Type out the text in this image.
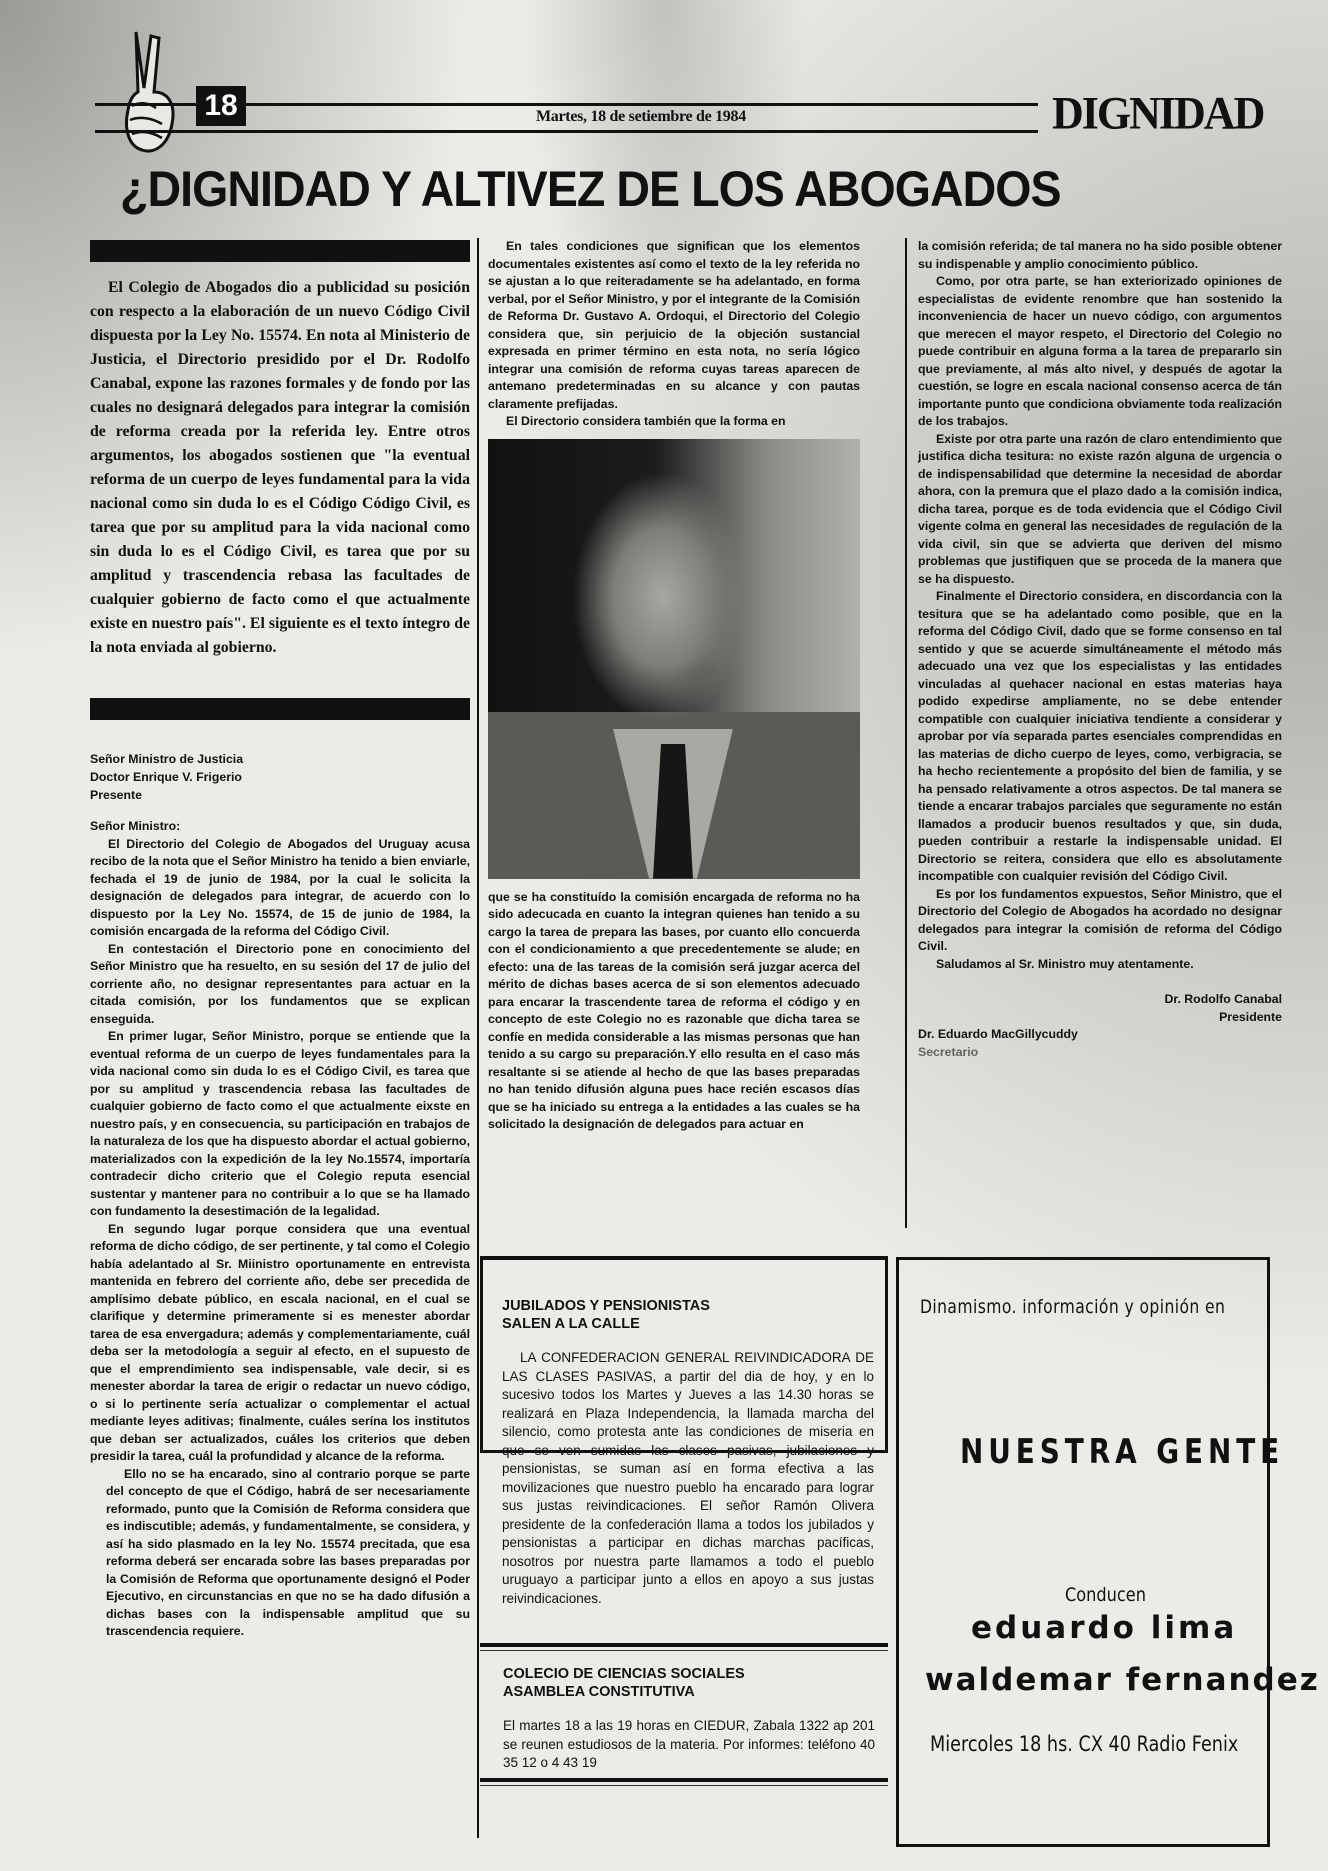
18	Martes, 18 de setiembre de 1984	DIGNIDAD
¿DIGNIDAD Y ALTIVEZ DE LOS ABOGADOS

El Colegio de Abogados dio a publicidad su posición con respecto a la elaboración de un nuevo Código Civil dispuesta por la Ley No. 15574. En nota al Ministerio de Justicia, el Directorio presidido por el Dr. Rodolfo Canabal, expone las razones formales y de fondo por las cuales no designará delegados para integrar la comisión de reforma creada por la referida ley. Entre otros argumentos, los abogados sostienen que "la eventual reforma de un cuerpo de leyes fundamental para la vida nacional como sin duda lo es el Código Código Civil, es tarea que por su amplitud para la vida nacional como sin duda lo es el Código Civil, es tarea que por su amplitud y trascendencia rebasa las facultades de cualquier gobierno de facto como el que actualmente existe en nuestro país". El siguiente es el texto íntegro de la nota enviada al gobierno.

Señor Ministro de Justicia
Doctor Enrique V. Frigerio
Presente

Señor Ministro:

El Directorio del Colegio de Abogados del Uruguay acusa recibo de la nota que el Señor Ministro ha tenido a bien enviarle, fechada el 19 de junio de 1984, por la cual le solicita la designación de delegados para integrar, de acuerdo con lo dispuesto por la Ley No. 15574, de 15 de junio de 1984, la comisión encargada de la reforma del Código Civil.

En contestación el Directorio pone en conocimiento del Señor Ministro que ha resuelto, en su sesión del 17 de julio del corriente año, no designar representantes para actuar en la citada comisión, por los fundamentos que se explican enseguida.

En primer lugar, Señor Ministro, porque se entiende que la eventual reforma de un cuerpo de leyes fundamentales para la vida nacional como sin duda lo es el Código Civil, es tarea que por su amplitud y trascendencia rebasa las facultades de cualquier gobierno de facto como el que actualmente eixste en nuestro país, y en consecuencia, su participación en trabajos de la naturaleza de los que ha dispuesto abordar el actual gobierno, materializados con la expedición de la ley No.15574, importaría contradecir dicho criterio que el Colegio reputa esencial sustentar y mantener para no contribuir a lo que se ha llamado con fundamento la desestimación de la legalidad.

En segundo lugar porque considera que una eventual reforma de dicho código, de ser pertinente, y tal como el Colegio había adelantado al Sr. Miinistro oportunamente en entrevista mantenida en febrero del corriente año, debe ser precedida de amplísimo debate público, en escala nacional, en el cual se clarifique y determine primeramente si es menester abordar tarea de esa envergadura; además y complementariamente, cuál deba ser la metodología a seguir al efecto, en el supuesto de que el emprendimiento sea indispensable, vale decir, si es menester abordar la tarea de erigir o redactar un nuevo código, o si lo pertinente sería actualizar o complementar el actual mediante leyes aditivas; finalmente, cuáles serína los institutos que deban ser actualizados, cuáles los criterios que deben presidir la tarea, cuál la profundidad y alcance de la reforma.

Ello no se ha encarado, sino al contrario porque se parte del concepto de que el Código, habrá de ser necesariamente reformado, punto que la Comisión de Reforma considera que es indiscutible; además, y fundamentalmente, se considera, y así ha sido plasmado en la ley No. 15574 precitada, que esa reforma deberá ser encarada sobre las bases preparadas por la Comisión de Reforma que oportunamente designó el Poder Ejecutivo, en circunstancias en que no se ha dado difusión a dichas bases con la indispensable amplitud que su trascendencia requiere.

En tales condiciones que significan que los elementos documentales existentes así como el texto de la ley referida no se ajustan a lo que reiteradamente se ha adelantado, en forma verbal, por el Señor Ministro, y por el integrante de la Comisión de Reforma Dr. Gustavo A. Ordoqui, el Directorio del Colegio considera que, sin perjuicio de la objeción sustancial expresada en primer término en esta nota, no sería lógico integrar una comisión de reforma cuyas tareas aparecen de antemano predeterminadas en su alcance y con pautas claramente prefijadas.

El Directorio considera también que la forma en

que se ha constituído la comisión encargada de reforma no ha sido adecucada en cuanto la integran quienes han tenido a su cargo la tarea de prepara las bases, por cuanto ello concuerda con el condicionamiento a que precedentemente se alude; en efecto: una de las tareas de la comisión será juzgar acerca del mérito de dichas bases acerca de si son elementos adecuado para encarar la trascendente tarea de reforma el código y en concepto de este Colegio no es razonable que dicha tarea se confíe en medida considerable a las mismas personas que han tenido a su cargo su preparación.Y ello resulta en el caso más resaltante si se atiende al hecho de que las bases preparadas no han tenido difusión alguna pues hace recién escasos días que se ha iniciado su entrega a la entidades a las cuales se ha solicitado la designación de delegados para actuar en

la comisión referida; de tal manera no ha sido posible obtener su indispenable y amplio conocimiento público.

Como, por otra parte, se han exteriorizado opiniones de especialistas de evidente renombre que han sostenido la inconveniencia de hacer un nuevo código, con argumentos que merecen el mayor respeto, el Directorio del Colegio no puede contribuir en alguna forma a la tarea de prepararlo sin que previamente, al más alto nivel, y después de agotar la cuestión, se logre en escala nacional consenso acerca de tán importante punto que condiciona obviamente toda realización de los trabajos.

Existe por otra parte una razón de claro entendimiento que justifica dicha tesitura: no existe razón alguna de urgencia o de indispensabilidad que determine la necesidad de abordar ahora, con la premura que el plazo dado a la comisión indica, dicha tarea, porque es de toda evidencia que el Código Civil vigente colma en general las necesidades de regulación de la vida civil, sin que se advierta que deriven del mismo problemas que justifiquen que se proceda de la manera que se ha dispuesto.

Finalmente el Directorio considera, en discordancia con la tesitura que se ha adelantado como posible, que en la reforma del Código Civil, dado que se forme consenso en tal sentido y que se acuerde simultáneamente el método más adecuado una vez que los especialistas y las entidades vinculadas al quehacer nacional en estas materias haya podido expedirse ampliamente, no se debe entender compatible con cualquier iniciativa tendiente a considerar y aprobar por vía separada partes esenciales comprendidas en las materias de dicho cuerpo de leyes, como, verbigracia, se ha hecho recientemente a propósito del bien de familia, y se ha pensado relativamente a otros aspectos. De tal manera se tiende a encarar trabajos parciales que seguramente no están llamados a producir buenos resultados y que, sin duda, pueden contribuir a restarle la indispensable unidad. El Directorio se reitera, considera que ello es absolutamente incompatible con cualquier revisión del Código Civil.

Es por los fundamentos expuestos, Señor Ministro, que el Directorio del Colegio de Abogados ha acordado no designar delegados para integrar la comisión de reforma del Código Civil.

Saludamos al Sr. Ministro muy atentamente.

Dr. Rodolfo Canabal

Presidente

Dr. Eduardo MacGillycuddy

Secretario

JUBILADOS Y PENSIONISTAS
SALEN A LA CALLE

LA CONFEDERACION GENERAL REIVINDICADORA DE LAS CLASES PASIVAS, a partir del dia de hoy, y en lo sucesivo todos los Martes y Jueves a las 14.30 horas se realizará en Plaza Independencia, la llamada marcha del silencio, como protesta ante las condiciones de miseria en que se ven sumidas las clases pasivas, jubilaciones y pensionistas, se suman así en forma efectiva a las movilizaciones que nuestro pueblo ha encarado para lograr sus justas reivindicaciones. El señor Ramón Olivera presidente de la confederación llama a todos los jubilados y pensionistas a participar en dichas marchas pacíficas, nosotros por nuestra parte llamamos a todo el pueblo uruguayo a participar junto a ellos en apoyo a sus justas reivindicaciones.

COLECIO DE CIENCIAS SOCIALES
ASAMBLEA CONSTITUTIVA

El martes 18 a las 19 horas en CIEDUR, Zabala 1322 ap 201 se reunen estudiosos de la materia. Por informes: teléfono 40 35 12 o 4 43 19

Dinamismo. información y opinión en
NUESTRA GENTE
Conducen
eduardo lima
waldemar fernandez
Miercoles 18 hs. CX 40 Radio Fenix
